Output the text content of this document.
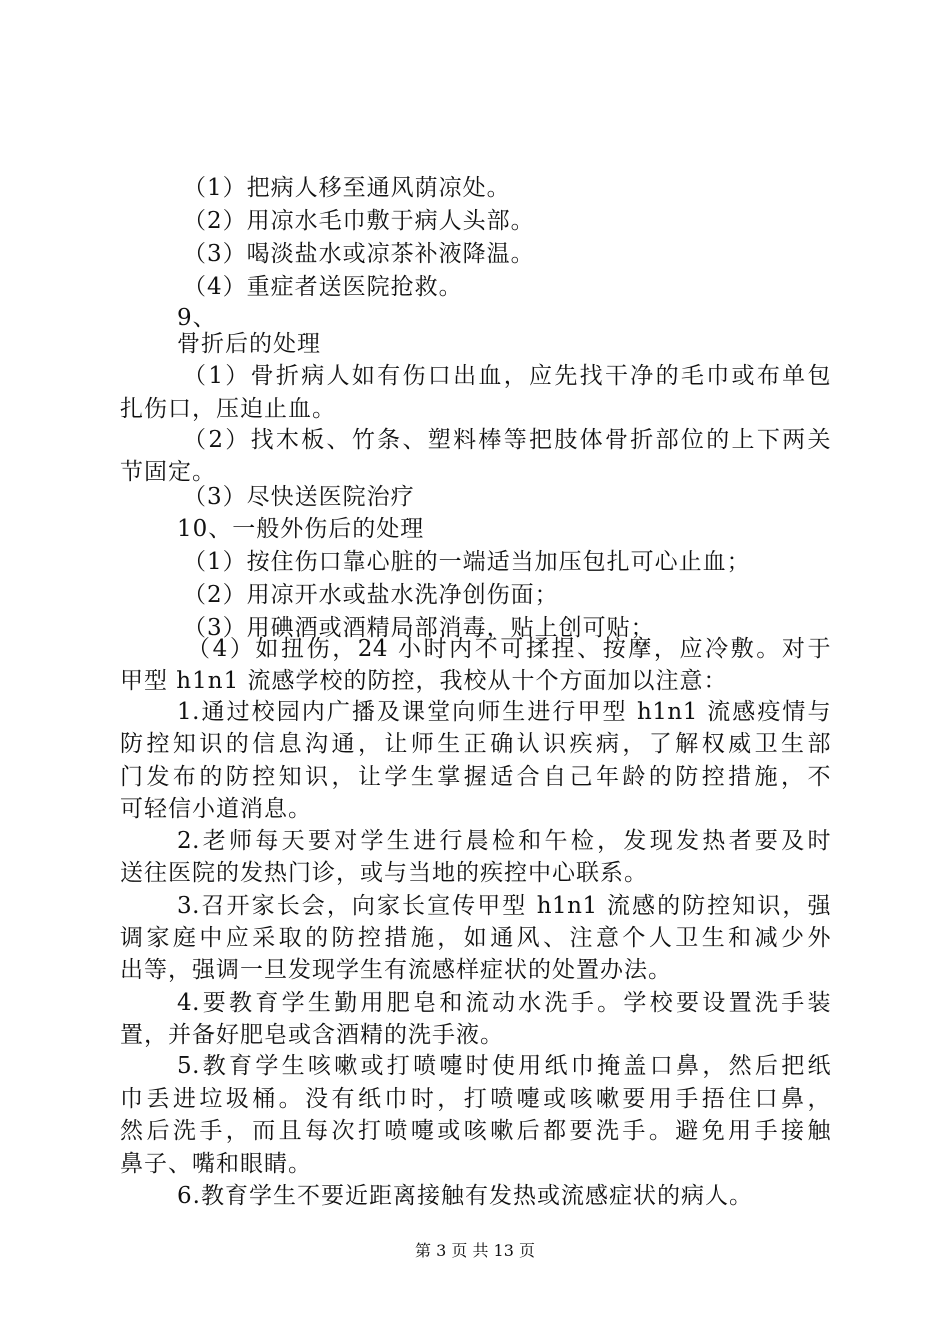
（1）把病人移至通风荫凉处。
（2）用凉水毛巾敷于病人头部。
（3）喝淡盐水或凉茶补液降温。
（4）重症者送医院抢救。
9、
骨折后的处理
（1）骨折病人如有伤口出血，应先找干净的毛巾或布单包
扎伤口，压迫止血。
（2）找木板、竹条、塑料棒等把肢体骨折部位的上下两关
节固定。
（3）尽快送医院治疗
10、一般外伤后的处理
（1）按住伤口靠心脏的一端适当加压包扎可心止血；
（2）用凉开水或盐水洗净创伤面；
（3）用碘酒或酒精局部消毒，贴上创可贴；
（4）如扭伤，24 小时内不可揉捏、按摩，应冷敷。对于
甲型 h1n1 流感学校的防控，我校从十个方面加以注意：
1.通过校园内广播及课堂向师生进行甲型 h1n1 流感疫情与
防控知识的信息沟通，让师生正确认识疾病，了解权威卫生部
门发布的防控知识，让学生掌握适合自己年龄的防控措施，不
可轻信小道消息。
2.老师每天要对学生进行晨检和午检，发现发热者要及时
送往医院的发热门诊，或与当地的疾控中心联系。
3.召开家长会，向家长宣传甲型 h1n1 流感的防控知识，强
调家庭中应采取的防控措施，如通风、注意个人卫生和减少外
出等，强调一旦发现学生有流感样症状的处置办法。
4.要教育学生勤用肥皂和流动水洗手。学校要设置洗手装
置，并备好肥皂或含酒精的洗手液。
5.教育学生咳嗽或打喷嚏时使用纸巾掩盖口鼻，然后把纸
巾丢进垃圾桶。没有纸巾时，打喷嚏或咳嗽要用手捂住口鼻，
然后洗手，而且每次打喷嚏或咳嗽后都要洗手。避免用手接触
鼻子、嘴和眼睛。
6.教育学生不要近距离接触有发热或流感症状的病人。
第 3 页 共 13 页
